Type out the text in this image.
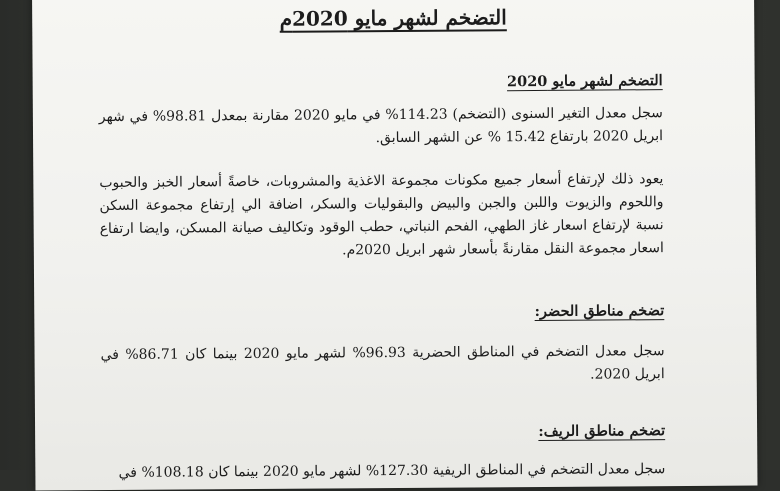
التضخم لشهر مايو 2020م
التضخم لشهر مايو 2020

سجل معدل التغير السنوى (التضخم) 114.23% في مايو 2020 مقارنة بمعدل 98.81% في شهر ابريل 2020 بارتفاع 15.42 % عن الشهر السابق.

يعود ذلك لإرتفاع أسعار جميع مكونات مجموعة الاغذية والمشروبات، خاصةً أسعار الخبز والحبوب واللحوم والزيوت واللبن والجبن والبيض والبقوليات والسكر، اضافة الي إرتفاع مجموعة السكن نسبة لإرتفاع اسعار غاز الطهي، الفحم النباتي، حطب الوقود وتكاليف صيانة المسكن، وايضا ارتفاع اسعار مجموعة النقل مقارنةً بأسعار شهر ابريل 2020م.

تضخم مناطق الحضر:

سجل معدل التضخم في المناطق الحضرية 96.93% لشهر مايو 2020 بينما كان 86.71% في ابريل 2020.

تضخم مناطق الريف:

سجل معدل التضخم في المناطق الريفية 127.30% لشهر مايو 2020 بينما كان 108.18% في
